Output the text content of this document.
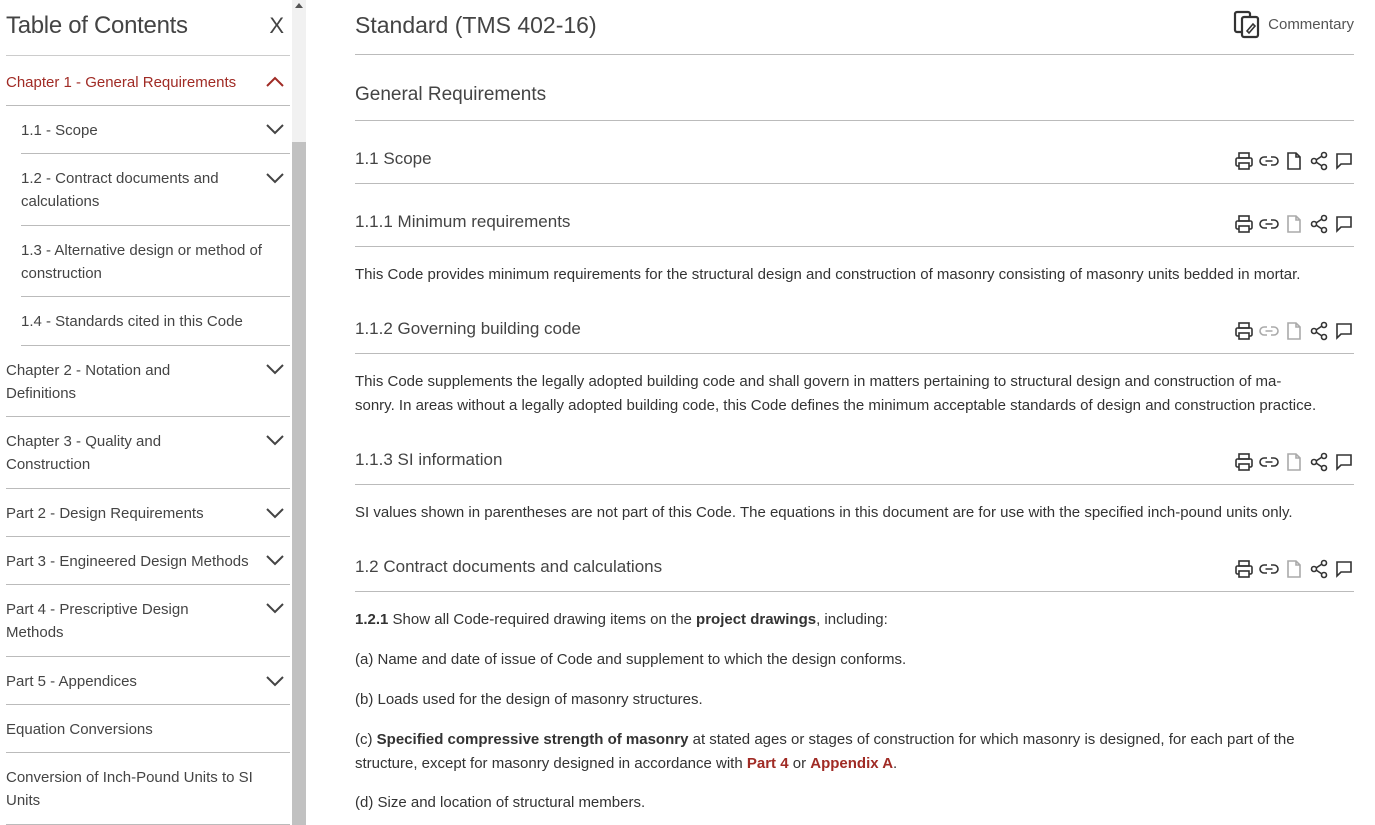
Table of Contents	X
Chapter 1 - General Requirements
1.1 - Scope
1.2 - Contract documents and calculations
1.3 - Alternative design or method of construction
1.4 - Standards cited in this Code
Chapter 2 - Notation and Definitions
Chapter 3 - Quality and Construction
Part 2 - Design Requirements
Part 3 - Engineered Design Methods
Part 4 - Prescriptive Design Methods
Part 5 - Appendices
Equation Conversions
Conversion of Inch-Pound Units to SI Units
Standard (TMS 402-16)	Commentary
General Requirements
1.1 Scope
1.1.1 Minimum requirements
This Code provides minimum requirements for the structural design and construction of masonry consisting of masonry units bedded in mortar.
1.1.2 Governing building code
This Code supplements the legally adopted building code and shall govern in matters pertaining to structural design and construction of ma-
sonry. In areas without a legally adopted building code, this Code defines the minimum acceptable standards of design and construction practice.
1.1.3 SI information
SI values shown in parentheses are not part of this Code. The equations in this document are for use with the specified inch-pound units only.
1.2 Contract documents and calculations
1.2.1 Show all Code-required drawing items on the project drawings, including:
(a) Name and date of issue of Code and supplement to which the design conforms.
(b) Loads used for the design of masonry structures.
(c) Specified compressive strength of masonry at stated ages or stages of construction for which masonry is designed, for each part of the
structure, except for masonry designed in accordance with Part 4 or Appendix A.
(d) Size and location of structural members.
